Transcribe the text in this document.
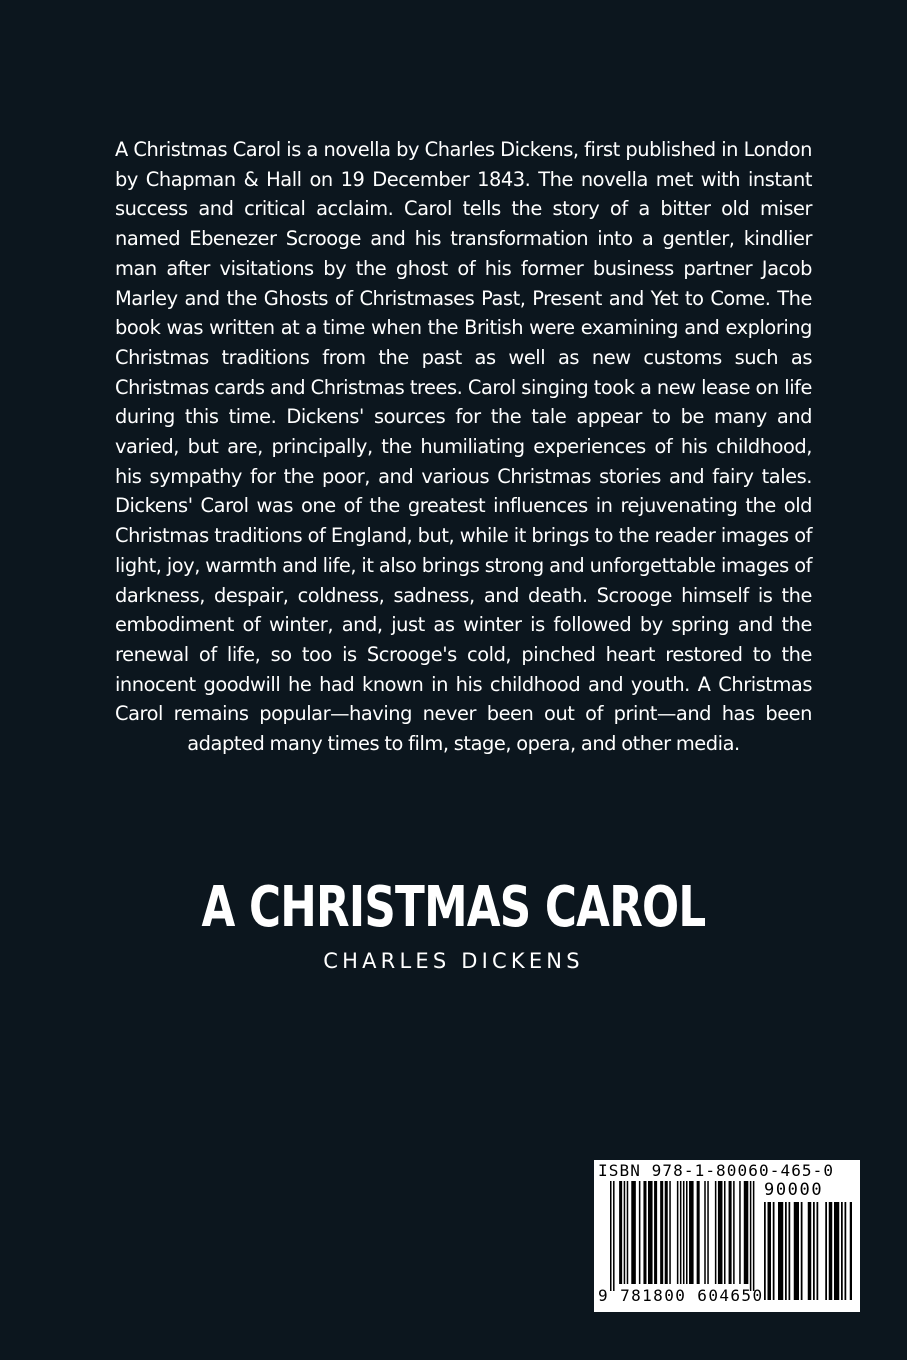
A Christmas Carol is a novella by Charles Dickens, first published in London by Chapman & Hall on 19 December 1843. The novella met with instant success and critical acclaim. Carol tells the story of a bitter old miser named Ebenezer Scrooge and his transformation into a gentler, kindlier man after visitations by the ghost of his former business partner Jacob Marley and the Ghosts of Christmases Past, Present and Yet to Come. The book was written at a time when the British were examining and exploring Christmas traditions from the past as well as new customs such as Christmas cards and Christmas trees. Carol singing took a new lease on life during this time. Dickens' sources for the tale appear to be many and varied, but are, principally, the humiliating experiences of his childhood, his sympathy for the poor, and various Christmas stories and fairy tales. Dickens' Carol was one of the greatest influences in rejuvenating the old Christmas traditions of England, but, while it brings to the reader images of light, joy, warmth and life, it also brings strong and unforgettable images of darkness, despair, coldness, sadness, and death. Scrooge himself is the embodiment of winter, and, just as winter is followed by spring and the renewal of life, so too is Scrooge's cold, pinched heart restored to the innocent goodwill he had known in his childhood and youth. A Christmas Carol remains popular—having never been out of print—and has been adapted many times to film, stage, opera, and other media.

A CHRISTMAS CAROL

CHARLES DICKENS

ISBN 978-1-80060-465-0

90000

9 781800 604650
